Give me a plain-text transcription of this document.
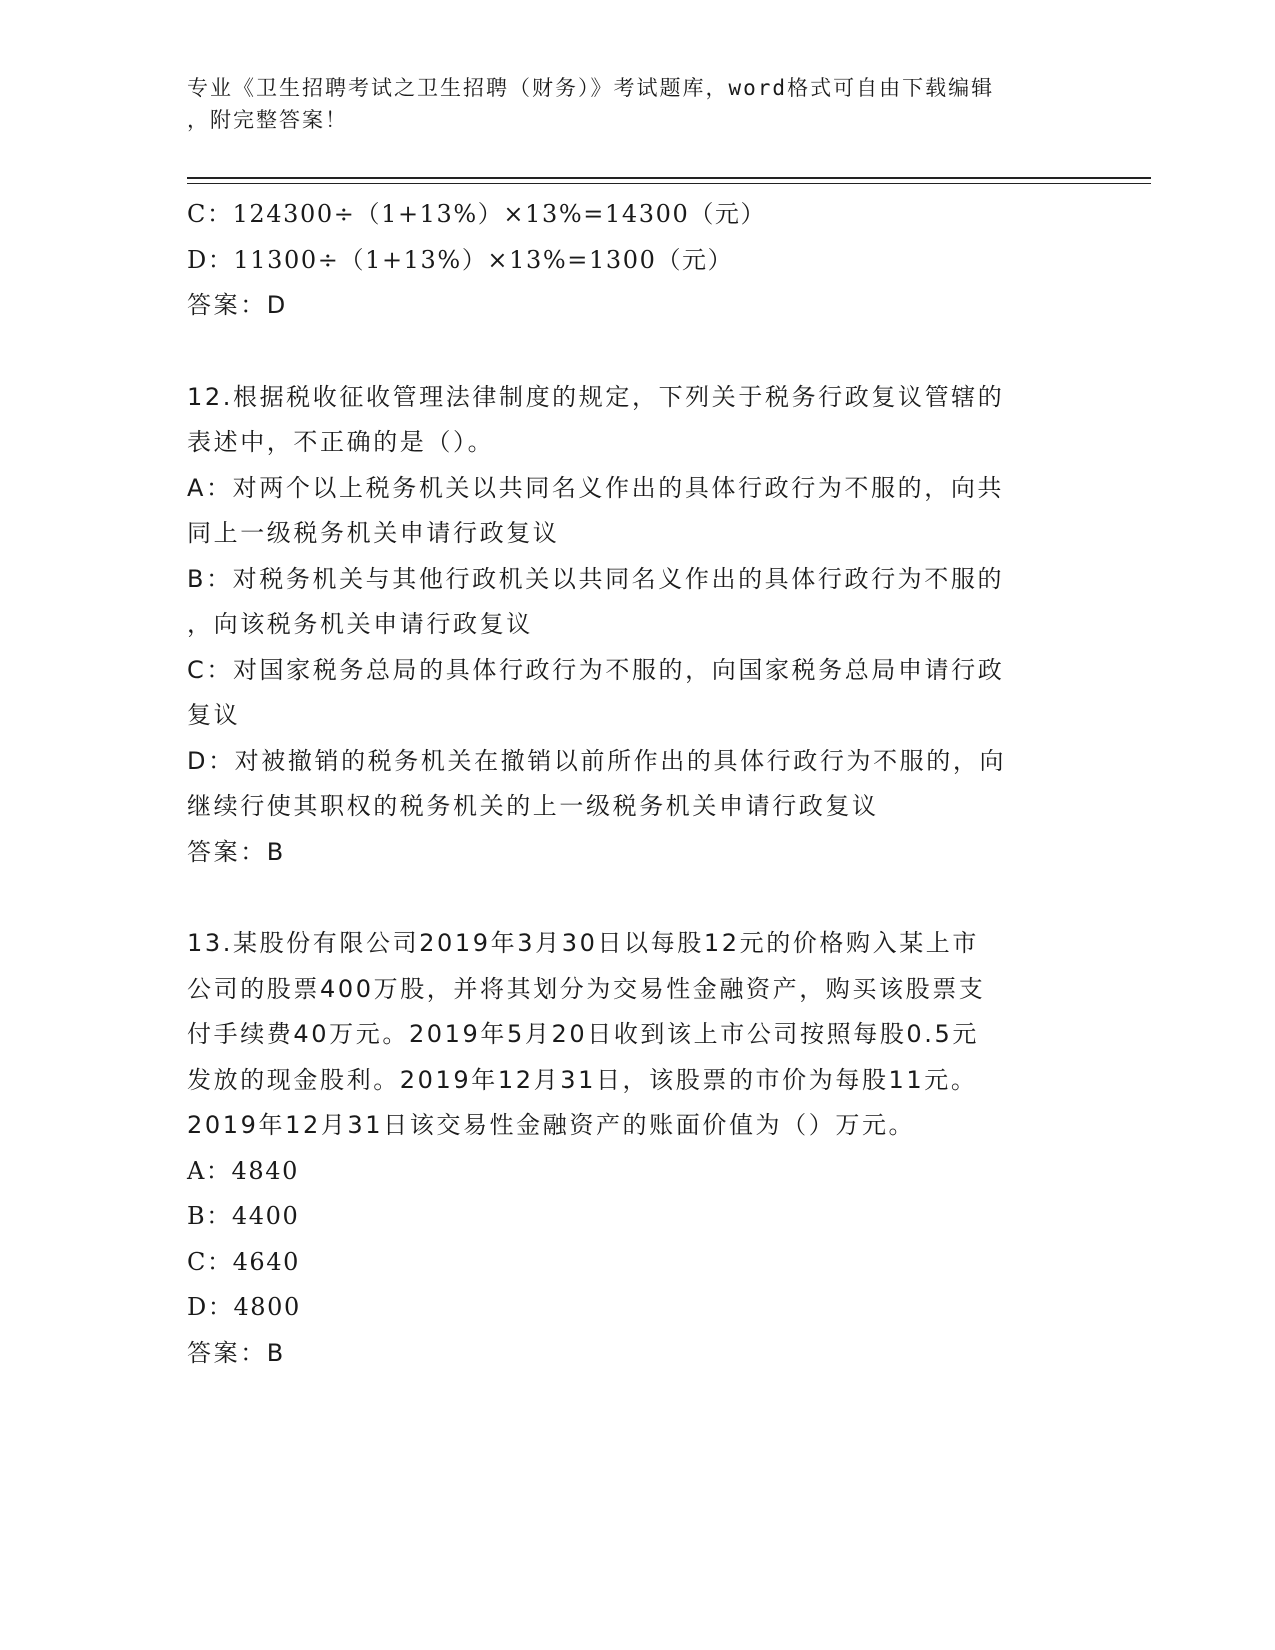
专业《卫生招聘考试之卫生招聘（财务）》考试题库，word格式可自由下载编辑
，附完整答案！

C：124300÷（1+13%）×13%=14300（元）

D：11300÷（1+13%）×13%=1300（元）

答案：D

12.根据税收征收管理法律制度的规定，下列关于税务行政复议管辖的

表述中，不正确的是（）。

A：对两个以上税务机关以共同名义作出的具体行政行为不服的，向共

同上一级税务机关申请行政复议

B：对税务机关与其他行政机关以共同名义作出的具体行政行为不服的

，向该税务机关申请行政复议

C：对国家税务总局的具体行政行为不服的，向国家税务总局申请行政

复议

D：对被撤销的税务机关在撤销以前所作出的具体行政行为不服的，向

继续行使其职权的税务机关的上一级税务机关申请行政复议

答案：B

13.某股份有限公司2019年3月30日以每股12元的价格购入某上市

公司的股票400万股，并将其划分为交易性金融资产，购买该股票支

付手续费40万元。2019年5月20日收到该上市公司按照每股0.5元

发放的现金股利。2019年12月31日，该股票的市价为每股11元。

2019年12月31日该交易性金融资产的账面价值为（）万元。

A：4840

B：4400

C：4640

D：4800

答案：B
